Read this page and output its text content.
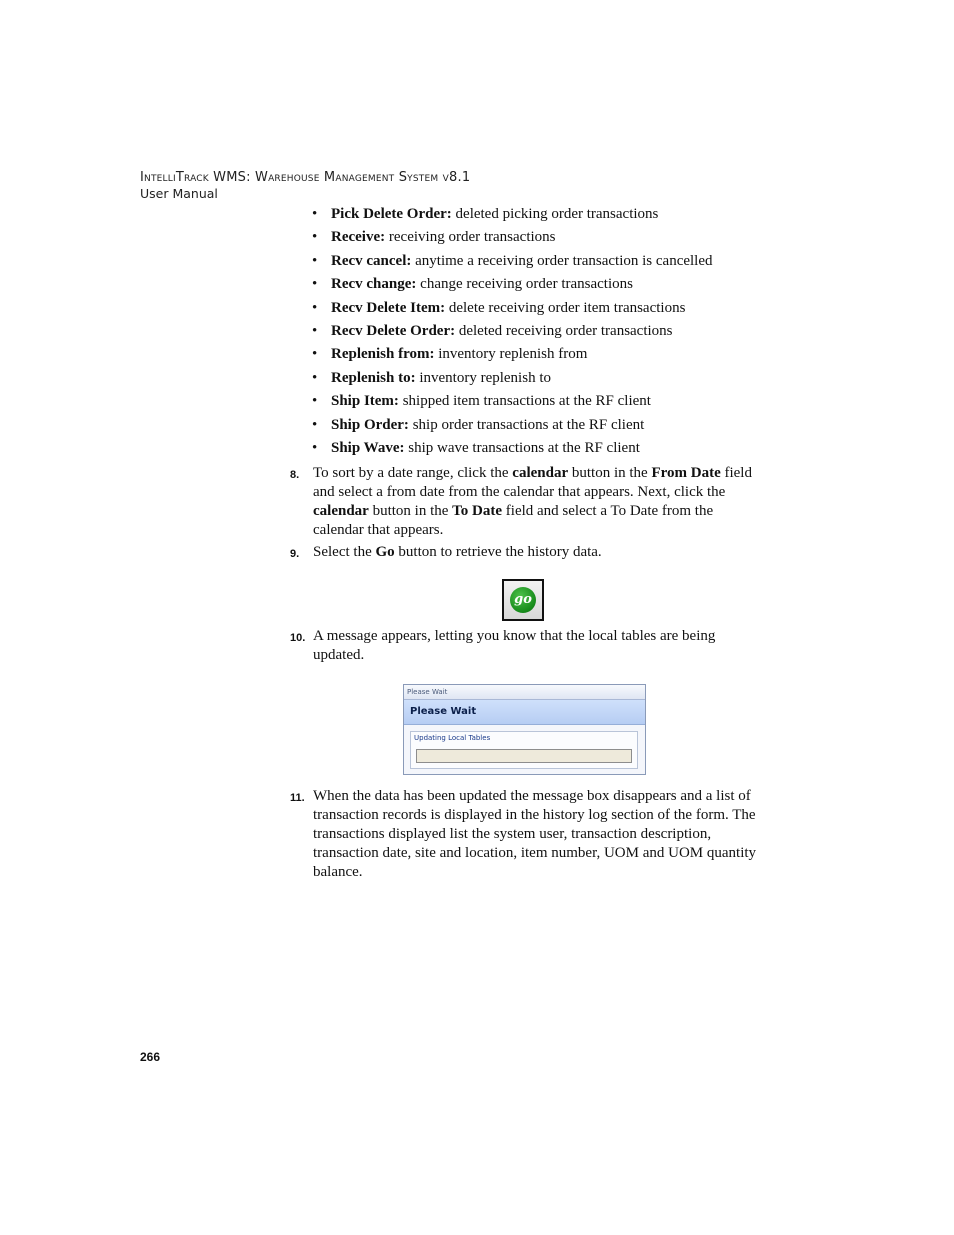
IntelliTrack WMS: Warehouse Management System v8.1
User Manual
• Pick Delete Order: deleted picking order transactions
• Receive: receiving order transactions
• Recv cancel: anytime a receiving order transaction is cancelled
• Recv change: change receiving order transactions
• Recv Delete Item: delete receiving order item transactions
• Recv Delete Order: deleted receiving order transactions
• Replenish from: inventory replenish from
• Replenish to: inventory replenish to
• Ship Item: shipped item transactions at the RF client
• Ship Order: ship order transactions at the RF client
• Ship Wave: ship wave transactions at the RF client
8. To sort by a date range, click the calendar button in the From Date field and select a from date from the calendar that appears. Next, click the calendar button in the To Date field and select a To Date from the calendar that appears.
9. Select the Go button to retrieve the history data.
go
10. A message appears, letting you know that the local tables are being updated.
Please Wait
Please Wait
Updating Local Tables
11. When the data has been updated the message box disappears and a list of transaction records is displayed in the history log section of the form. The transactions displayed list the system user, transaction description, transaction date, site and location, item number, UOM and UOM quantity balance.
266
